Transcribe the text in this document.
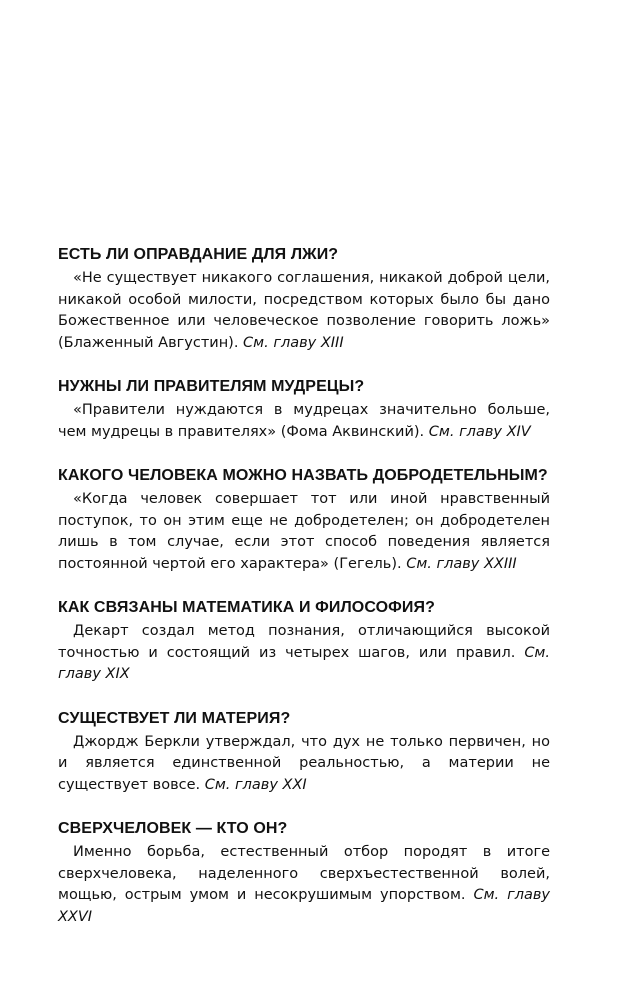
ЕСТЬ ЛИ ОПРАВДАНИЕ ДЛЯ ЛЖИ?

«Не существует никакого соглашения, никакой доброй цели, никакой особой милости, посредством которых было бы дано Божественное или человеческое позволение говорить ложь» (Блаженный Августин). См. главу XIII

НУЖНЫ ЛИ ПРАВИТЕЛЯМ МУДРЕЦЫ?

«Правители нуждаются в мудрецах значительно больше, чем мудрецы в правителях» (Фома Аквинский). См. главу XIV

КАКОГО ЧЕЛОВЕКА МОЖНО НАЗВАТЬ ДОБРОДЕТЕЛЬНЫМ?

«Когда человек совершает тот или иной нравственный поступок, то он этим еще не добродетелен; он добродетелен лишь в том случае, если этот способ поведения является постоянной чертой его характера» (Гегель). См. главу XXIII

КАК СВЯЗАНЫ МАТЕМАТИКА И ФИЛОСОФИЯ?

Декарт создал метод познания, отличающийся высокой точностью и состоящий из четырех шагов, или правил. См. главу XIX

СУЩЕСТВУЕТ ЛИ МАТЕРИЯ?

Джордж Беркли утверждал, что дух не только первичен, но и является единственной реальностью, а материи не существует вовсе. См. главу XXI

СВЕРХЧЕЛОВЕК — КТО ОН?

Именно борьба, естественный отбор породят в итоге сверхчеловека, наделенного сверхъестественной волей, мощью, острым умом и несокрушимым упорством. См. главу XXVI
